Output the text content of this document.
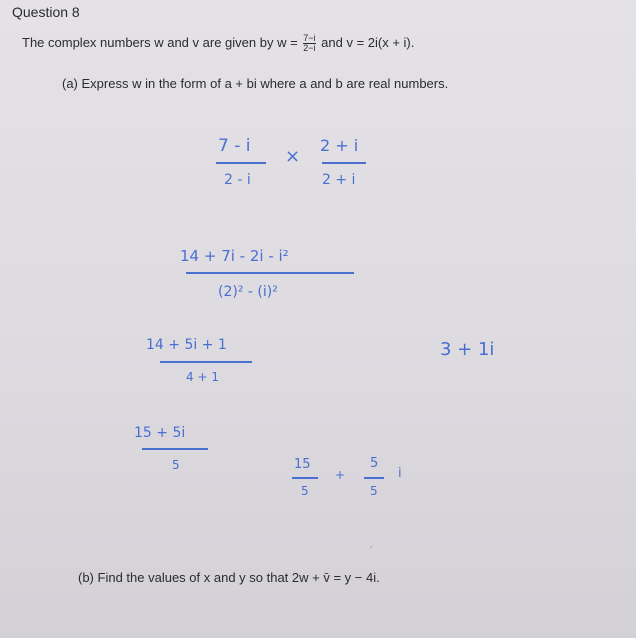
Question 8
The complex numbers w and v are given by $w = \frac{7-i}{2-i}$ and v = 2i(x + i).
(a) Express w in the form of a + bi where a and b are real numbers.
7 - i
2 - i
×
2 + i
2 + i
14 + 7i - 2i - i²
(2)² - (i)²
14 + 5i + 1
4 + 1
3 + 1i
15 + 5i
5	15
5
+
5
5
i
ʼ
(b) Find the values of x and y so that 2w + v̄ = y − 4i.
